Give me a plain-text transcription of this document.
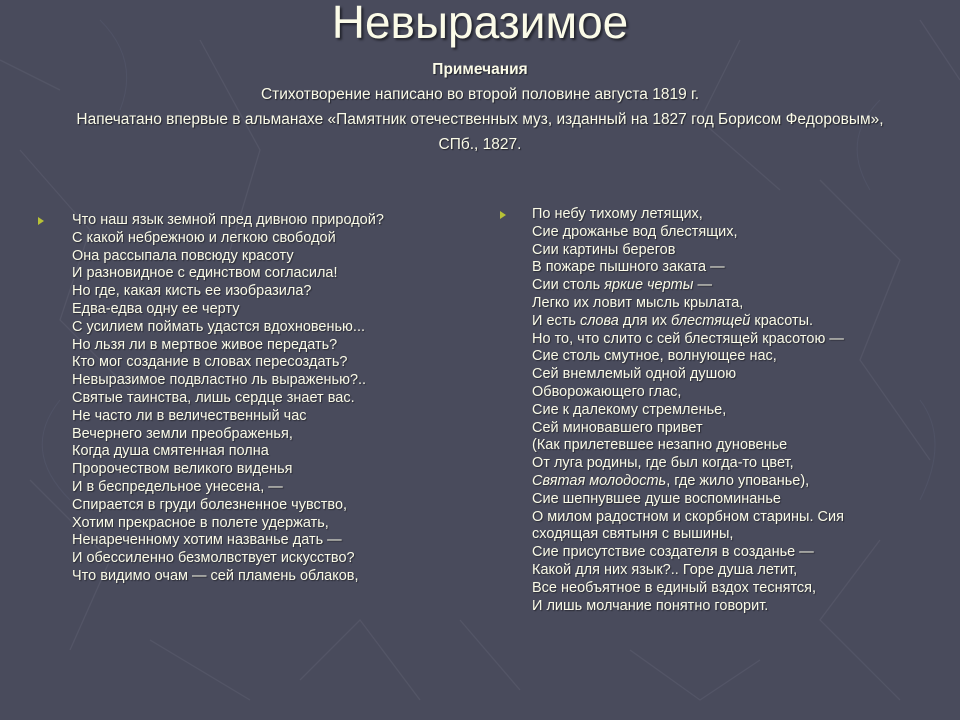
Невыразимое
Примечания
Стихотворение написано во второй половине августа 1819 г.
Напечатано впервые в альманахе «Памятник отечественных муз, изданный на 1827 год Борисом Федоровым»,
СПб., 1827.
Что наш язык земной пред дивною природой?
С какой небрежною и легкою свободой
Она рассыпала повсюду красоту
И разновидное с единством согласила!
Но где, какая кисть ее изобразила?
Едва-едва одну ее черту
С усилием поймать удастся вдохновенью...
Но льзя ли в мертвое живое передать?
Кто мог создание в словах пересоздать?
Невыразимое подвластно ль выраженью?..
Святые таинства, лишь сердце знает вас.
Не часто ли в величественный час
Вечернего земли преображенья,
Когда душа смятенная полна
Пророчеством великого виденья
И в беспредельное унесена, —
Спирается в груди болезненное чувство,
Хотим прекрасное в полете удержать,
Ненареченному хотим названье дать —
И обессиленно безмолвствует искусство?
Что видимо очам — сей пламень облаков,
По небу тихому летящих,
Сие дрожанье вод блестящих,
Сии картины берегов
В пожаре пышного заката —
Сии столь яркие черты —
Легко их ловит мысль крылата,
И есть слова для их блестящей красоты.
Но то, что слито с сей блестящей красотою —
Сие столь смутное, волнующее нас,
Сей внемлемый одной душою
Обворожающего глас,
Сие к далекому стремленье,
Сей миновавшего привет
(Как прилетевшее незапно дуновенье
От луга родины, где был когда-то цвет,
Святая молодость, где жило упованье),
Сие шепнувшее душе воспоминанье
О милом радостном и скорбном старины. Сия
сходящая святыня с вышины,
Сие присутствие создателя в созданье —
Какой для них язык?.. Горе душа летит,
Все необъятное в единый вздох теснятся,
И лишь молчание понятно говорит.
